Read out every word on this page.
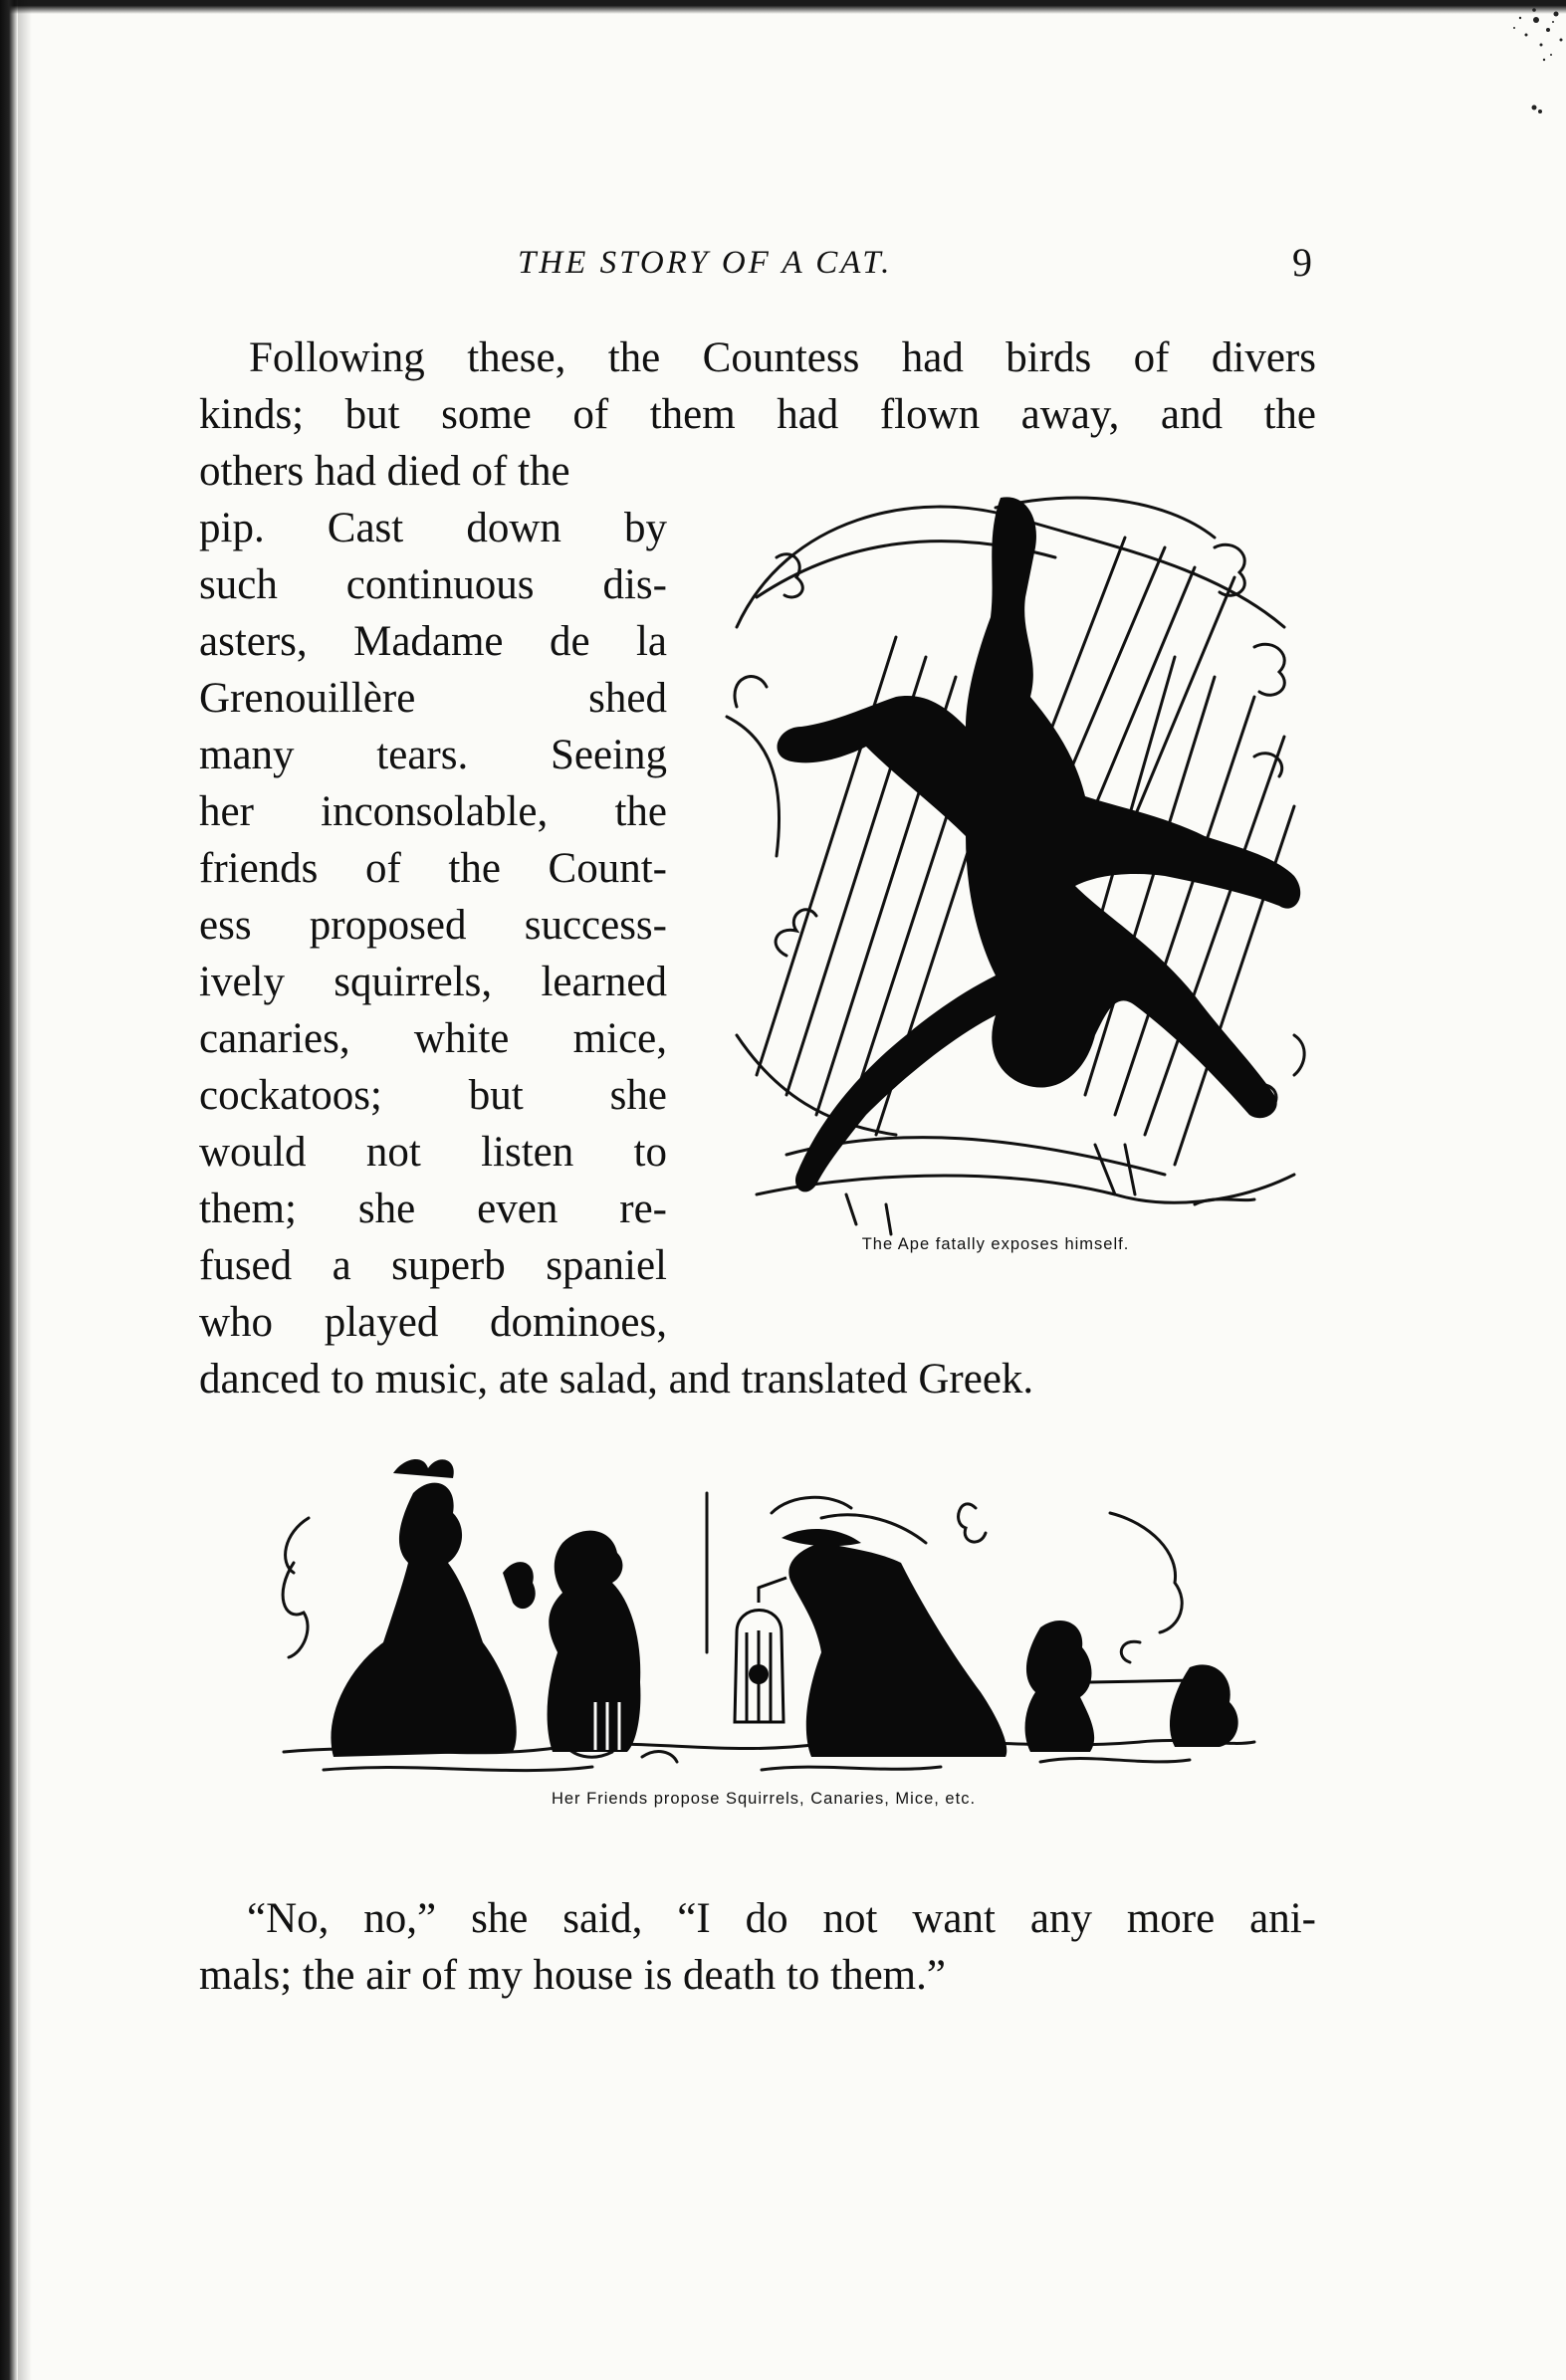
THE STORY OF A CAT.	9
Following these, the Countess had birds of divers
kinds; but some of them had flown away, and the
others had died of the
pip. Cast down by
such continuous dis-
asters, Madame de la
Grenouillère shed
many tears. Seeing
her inconsolable, the
friends of the Count-
ess proposed success-
ively squirrels, learned
canaries, white mice,
cockatoos; but she
would not listen to
them; she even re-
fused a superb spaniel
who played dominoes,
danced to music, ate salad, and translated Greek.
The Ape fatally exposes himself.
Her Friends propose Squirrels, Canaries, Mice, etc.
“No, no,” she said, “I do not want any more ani-
mals; the air of my house is death to them.”
